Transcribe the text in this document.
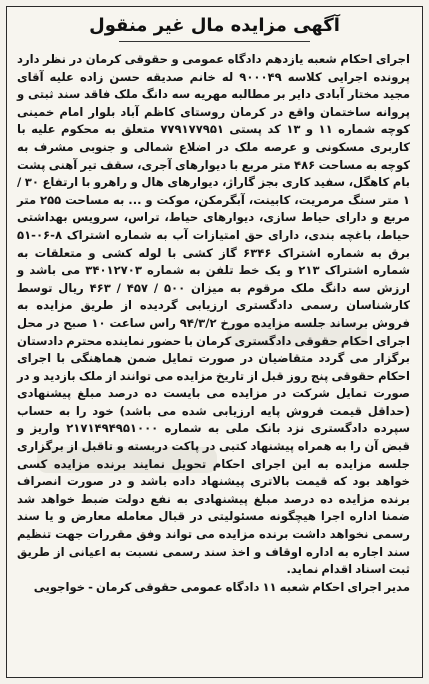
آگهی مزایده مال غیر منقول

اجرای احکام شعبه یازدهم دادگاه عمومی و حقوقی کرمان در نظر دارد پرونده اجرایی کلاسه ۹۰۰۰۴۹ له خانم صدیقه حسن زاده علیه آقای مجید مختار آبادی دایر بر مطالبه مهریه سه دانگ ملک فاقد سند ثبتی و پروانه ساختمان واقع در کرمان روستای کاظم آباد بلوار امام خمینی کوچه شماره ۱۱ و ۱۳ کد پستی ۷۷۹۱۷۷۹۵۱ متعلق به محکوم علیه با کاربری مسکونی و عرصه ملک در اضلاع شمالی و جنوبی مشرف به کوچه به مساحت ۴۸۶ متر مربع با دیوارهای آجری، سقف تیر آهنی پشت بام کاهگل، سفید کاری بجز گاراژ، دیوارهای هال و راهرو با ارتفاع ۳۰ /۱ متر سنگ مرمریت، کابینت، آبگرمکن، موکت و ... به مساحت ۲۵۵ متر مربع و دارای حیاط سازی، دیوارهای حیاط، تراس، سرویس بهداشتی حیاط، باغچه بندی، دارای حق امتیازات آب به شماره اشتراک ۸-۰۶-۵۱ برق به شماره اشتراک ۶۳۴۶ گاز کشی با لوله کشی و متعلقات به شماره اشتراک ۲۱۳ و یک خط تلفن به شماره ۳۴۰۱۲۷۰۳ می باشد و ارزش سه دانگ ملک مرقوم به میزان ۵۰۰ / ۴۵۷ / ۴۶۳ ریال توسط کارشناسان رسمی دادگستری ارزیابی گردیده از طریق مزایده به فروش برساند جلسه مزایده مورخ ۹۴/۳/۲ راس ساعت ۱۰ صبح در محل اجرای احکام حقوقی دادگستری کرمان با حضور نماینده محترم دادستان برگزار می گردد متقاضیان در صورت تمایل ضمن هماهنگی با اجرای احکام حقوقی پنج روز قبل از تاریخ مزایده می توانند از ملک بازدید و در صورت تمایل شرکت در مزایده می بایست ده درصد مبلغ پیشنهادی (حداقل قیمت فروش پایه ارزیابی شده می باشد) خود را به حساب سپرده دادگستری نزد بانک ملی به شماره ۲۱۷۱۴۹۴۹۵۱۰۰۰ واریز و قبض آن را به همراه پیشنهاد کتبی در پاکت دربسته و تاقبل از برگزاری جلسه مزایده به این اجرای احکام تحویل نمایند برنده مزایده کسی خواهد بود که قیمت بالاتری پیشنهاد داده باشد و در صورت انصراف برنده مزایده ده درصد مبلغ پیشنهادی به نفع دولت ضبط خواهد شد ضمنا اداره اجرا هیچگونه مسئولیتی در قبال معامله معارض و یا سند رسمی نخواهد داشت برنده مزایده می تواند وفق مقررات جهت تنظیم سند اجاره به اداره اوقاف و اخذ سند رسمی نسبت به اعیانی از طریق ثبت اسناد اقدام نماید.

مدیر اجرای احکام شعبه ۱۱ دادگاه عمومی حقوقی کرمان - خواجویی
